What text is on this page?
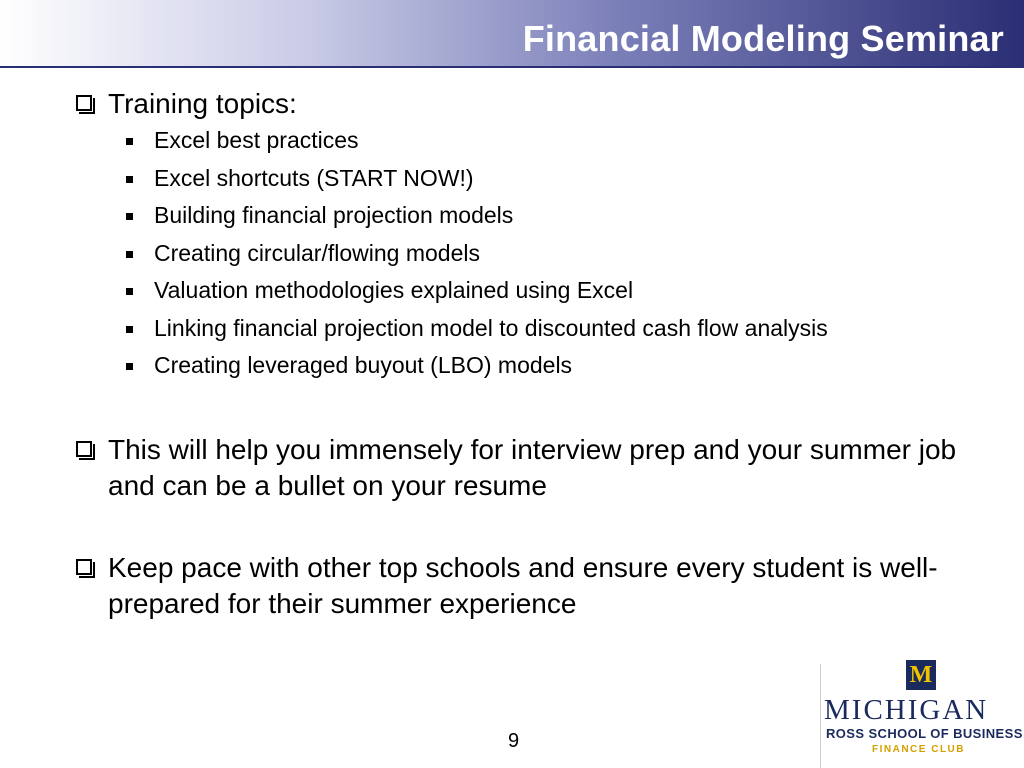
Financial Modeling Seminar
Training topics:
Excel best practices
Excel shortcuts (START NOW!)
Building financial projection models
Creating circular/flowing models
Valuation methodologies explained using Excel
Linking financial projection model to discounted cash flow analysis
Creating leveraged buyout (LBO) models
This will help you immensely for interview prep and your summer job and can be a bullet on your resume
Keep pace with other top schools and ensure every student is well-prepared for their summer experience
9
M
MICHIGAN
ROSS SCHOOL OF BUSINESS
FINANCE CLUB
